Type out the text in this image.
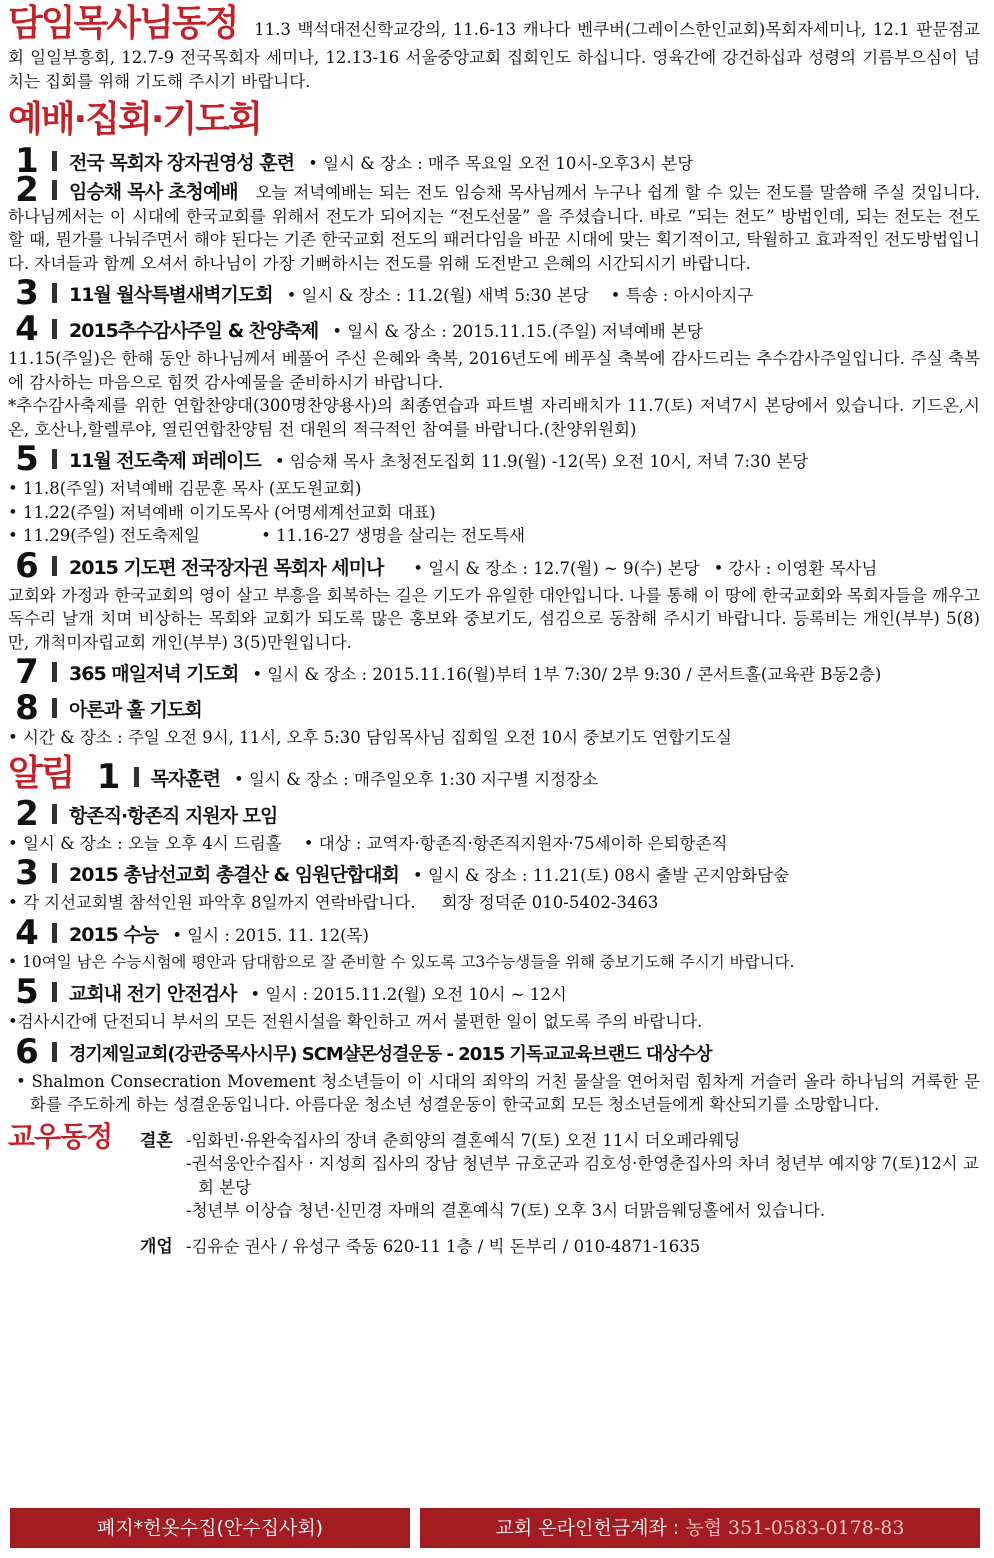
담임목사님동정 11.3 백석대전신학교강의, 11.6-13 캐나다 벤쿠버(그레이스한인교회)목회자세미나, 12.1 판문점교회 일일부흥회, 12.7-9 전국목회자 세미나, 12.13-16 서울중앙교회 집회인도 하십니다. 영육간에 강건하십과 성령의 기름부으심이 넘치는 집회를 위해 기도해 주시기 바랍니다.

예배·집회·기도회
1 전국 목회자 장자권영성 훈련 • 일시 & 장소 : 매주 목요일 오전 10시-오후3시 본당

2 임승채 목사 초청예배 오늘 저녁예배는 되는 전도 임승채 목사님께서 누구나 쉽게 할 수 있는 전도를 말씀해 주실 것입니다. 하나님께서는 이 시대에 한국교회를 위해서 전도가 되어지는 “전도선물” 을 주셨습니다. 바로 “되는 전도” 방법인데, 되는 전도는 전도할 때, 뭔가를 나눠주면서 해야 된다는 기존 한국교회 전도의 패러다임을 바꾼 시대에 맞는 획기적이고, 탁월하고 효과적인 전도방법입니다. 자녀들과 함께 오셔서 하나님이 가장 기뻐하시는 전도를 위해 도전받고 은혜의 시간되시기 바랍니다.

3 11월 월삭특별새벽기도회 • 일시 & 장소 : 11.2(월) 새벽 5:30 본당 • 특송 : 아시아지구
4 2015추수감사주일 & 찬양축제 • 일시 & 장소 : 2015.11.15.(주일) 저녁예배 본당

11.15(주일)은 한해 동안 하나님께서 베풀어 주신 은혜와 축복, 2016년도에 베푸실 축복에 감사드리는 추수감사주일입니다. 주실 축복에 감사하는 마음으로 힘껏 감사예물을 준비하시기 바랍니다.

*추수감사축제를 위한 연합찬양대(300명찬양용사)의 최종연습과 파트별 자리배치가 11.7(토) 저녁7시 본당에서 있습니다. 기드온,시온, 호산나,할렐루야, 열린연합찬양팀 전 대원의 적극적인 참여를 바랍니다.(찬양위원회)

5 11월 전도축제 퍼레이드 • 임승채 목사 초청전도집회 11.9(월) -12(목) 오전 10시, 저녁 7:30 본당
• 11.8(주일) 저녁예배 김문훈 목사 (포도원교회)
• 11.22(주일) 저녁예배 이기도목사 (어명세계선교회 대표)
• 11.29(주일) 전도축제일	• 11.16-27 생명을 살리는 전도특새
6 2015 기도편 전국장자권 목회자 세미나 • 일시 & 장소 : 12.7(월) ~ 9(수) 본당 • 강사 : 이영환 목사님

교회와 가정과 한국교회의 영이 살고 부흥을 회복하는 길은 기도가 유일한 대안입니다. 나를 통해 이 땅에 한국교회와 목회자들을 깨우고 독수리 날개 치며 비상하는 목회와 교회가 되도록 많은 홍보와 중보기도, 섬김으로 동참해 주시기 바랍니다. 등록비는 개인(부부) 5(8)만, 개척미자립교회 개인(부부) 3(5)만원입니다.

7 365 매일저녁 기도회 • 일시 & 장소 : 2015.11.16(월)부터 1부 7:30/ 2부 9:30 / 콘서트홀(교육관 B동2층)
8 아론과 훌 기도회
• 시간 & 장소 : 주일 오전 9시, 11시, 오후 5:30 담임목사님 집회일 오전 10시 중보기도 연합기도실
알림 1 목자훈련 • 일시 & 장소 : 매주일오후 1:30 지구별 지정장소
2 항존직·항존직 지원자 모임
• 일시 & 장소 : 오늘 오후 4시 드림홀 • 대상 : 교역자·항존직·항존직지원자·75세이하 은퇴항존직
3 2015 총남선교회 총결산 & 임원단합대회 • 일시 & 장소 : 11.21(토) 08시 출발 곤지암화담숲
• 각 지선교회별 참석인원 파악후 8일까지 연락바랍니다. 회장 정덕준 010-5402-3463
4 2015 수능 • 일시 : 2015. 11. 12(목)
• 10여일 남은 수능시험에 평안과 담대함으로 잘 준비할 수 있도록 고3수능생들을 위해 중보기도해 주시기 바랍니다.
5 교회내 전기 안전검사 • 일시 : 2015.11.2(월) 오전 10시 ~ 12시
•검사시간에 단전되니 부서의 모든 전원시설을 확인하고 꺼서 불편한 일이 없도록 주의 바랍니다.
6 경기제일교회(강관중목사시무) SCM샬몬성결운동 - 2015 기독교교육브랜드 대상수상

• Shalmon Consecration Movement 청소년들이 이 시대의 죄악의 거친 물살을 연어처럼 힘차게 거슬러 올라 하나님의 거룩한 문화를 주도하게 하는 성결운동입니다. 아름다운 청소년 성결운동이 한국교회 모든 청소년들에게 확산되기를 소망합니다.

교우동정	결혼 -임화빈·유완숙집사의 장녀 춘희양의 결혼예식 7(토) 오전 11시 더오페라웨딩
-권석웅안수집사 · 지성희 집사의 장남 청년부 규호군과 김호성·한영춘집사의 차녀 청년부 예지양 7(토)12시 교회 본당
-청년부 이상습 청년·신민경 자매의 결혼예식 7(토) 오후 3시 더맑음웨딩홀에서 있습니다.
개업 -김유순 권사 / 유성구 죽동 620-11 1층 / 빅 돈부리 / 010-4871-1635
폐지*헌옷수집(안수집사회)	교회 온라인헌금계좌 : 농협 351-0583-0178-83
